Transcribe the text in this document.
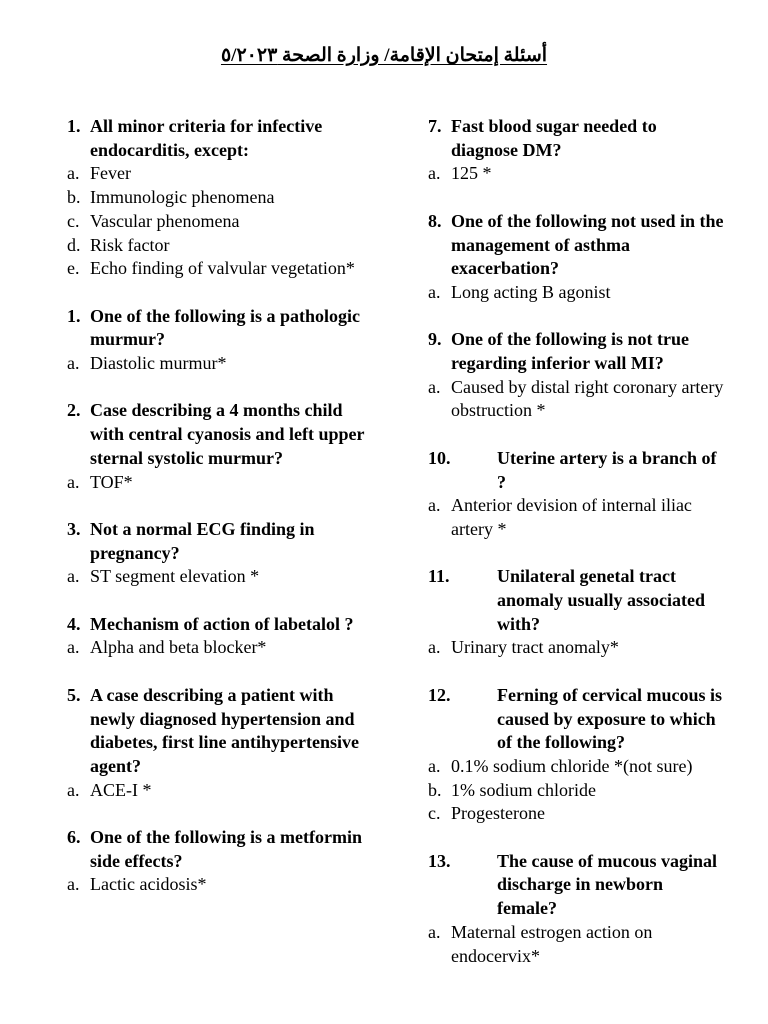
أسئلة إمتحان الإقامة/ وزارة الصحة ٥/٢٠٢٣
1. All minor criteria for infective endocarditis, except:
a. Fever
b. Immunologic phenomena
c. Vascular phenomena
d. Risk factor
e. Echo finding of valvular vegetation*
1. One of the following is a pathologic murmur?
a. Diastolic murmur*
2. Case describing a 4 months child with central cyanosis and left upper sternal systolic murmur?
a. TOF*
3. Not a normal ECG finding in pregnancy?
a. ST segment elevation *
4. Mechanism of action of labetalol ?
a. Alpha and beta blocker*
5. A case describing a patient with newly diagnosed hypertension and diabetes, first line antihypertensive agent?
a. ACE-I *
6. One of the following is a metformin side effects?
a. Lactic acidosis*
7. Fast blood sugar needed to diagnose DM?
a. 125 *
8. One of the following not used in the management of asthma exacerbation?
a. Long acting B agonist
9. One of the following is not true regarding inferior wall MI?
a. Caused by distal right coronary artery obstruction *
10.	Uterine artery is a branch of ?
a. Anterior devision of internal iliac artery *
11.	Unilateral genetal tract anomaly usually associated with?
a. Urinary tract anomaly*
12.	Ferning of cervical mucous is caused by exposure to which of the following?
a. 0.1% sodium chloride *(not sure)
b. 1% sodium chloride
c. Progesterone
13.	The cause of mucous vaginal discharge in newborn female?
a. Maternal estrogen action on endocervix*
